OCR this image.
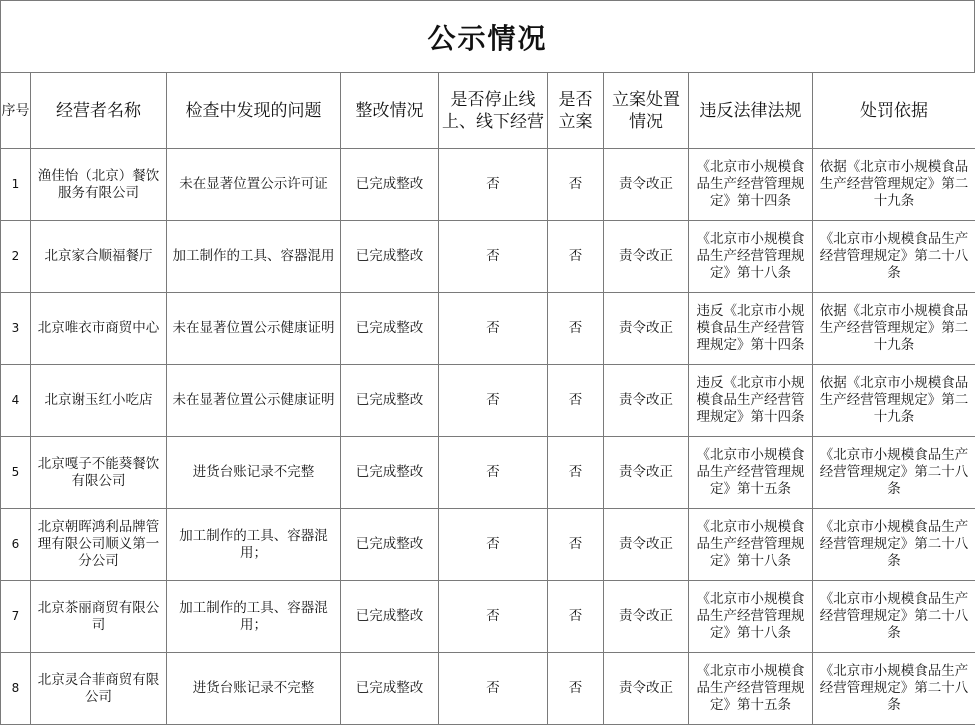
公示情况
序号	经营者名称	检查中发现的问题	整改情况	是否停止线上、线下经营	是否立案	立案处置情况	违反法律法规	处罚依据
1	渔佳怡（北京）餐饮服务有限公司	未在显著位置公示许可证	已完成整改	否	否	责令改正	《北京市小规模食品生产经营管理规定》第十四条	依据《北京市小规模食品生产经营管理规定》第二十九条
2	北京家合顺福餐厅	加工制作的工具、容器混用	已完成整改	否	否	责令改正	《北京市小规模食品生产经营管理规定》第十八条	《北京市小规模食品生产经营管理规定》第二十八条
3	北京唯衣市商贸中心	未在显著位置公示健康证明	已完成整改	否	否	责令改正	违反《北京市小规模食品生产经营管理规定》第十四条	依据《北京市小规模食品生产经营管理规定》第二十九条
4	北京谢玉红小吃店	未在显著位置公示健康证明	已完成整改	否	否	责令改正	违反《北京市小规模食品生产经营管理规定》第十四条	依据《北京市小规模食品生产经营管理规定》第二十九条
5	北京嘎子不能葵餐饮有限公司	进货台账记录不完整	已完成整改	否	否	责令改正	《北京市小规模食品生产经营管理规定》第十五条	《北京市小规模食品生产经营管理规定》第二十八条
6	北京朝晖鸿利品牌管理有限公司顺义第一分公司	加工制作的工具、容器混用；	已完成整改	否	否	责令改正	《北京市小规模食品生产经营管理规定》第十八条	《北京市小规模食品生产经营管理规定》第二十八条
7	北京茶丽商贸有限公司	加工制作的工具、容器混用；	已完成整改	否	否	责令改正	《北京市小规模食品生产经营管理规定》第十八条	《北京市小规模食品生产经营管理规定》第二十八条
8	北京灵合菲商贸有限公司	进货台账记录不完整	已完成整改	否	否	责令改正	《北京市小规模食品生产经营管理规定》第十五条	《北京市小规模食品生产经营管理规定》第二十八条
